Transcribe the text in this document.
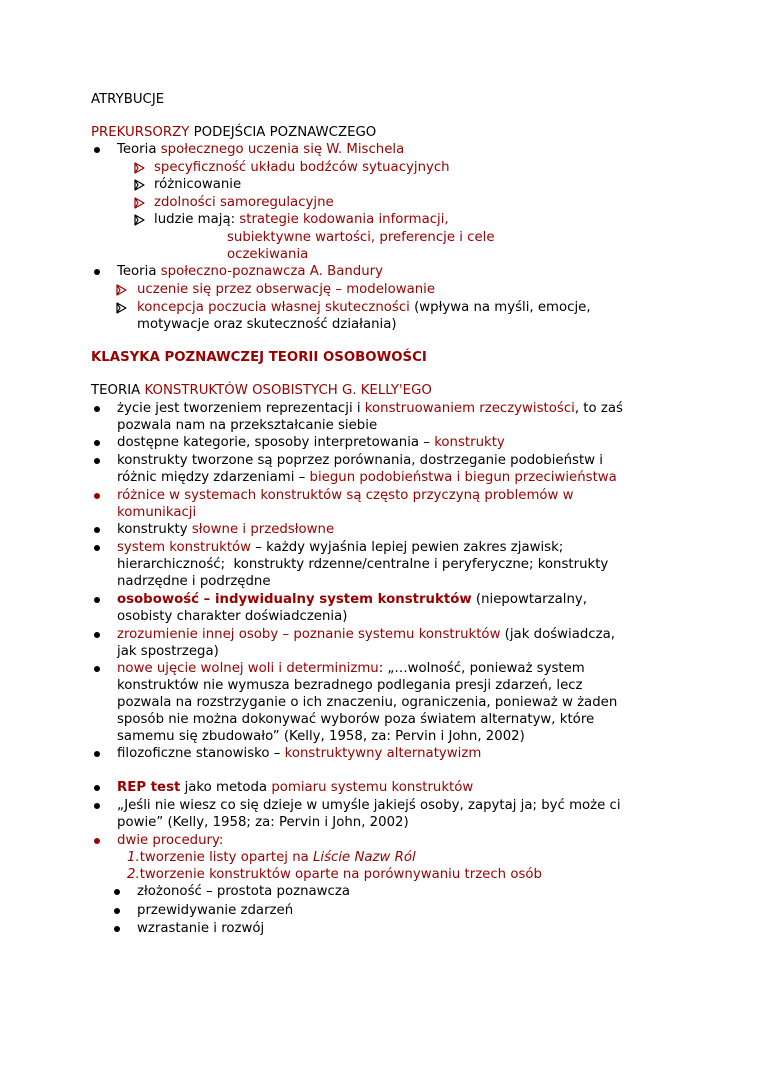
ATRYBUCJE
PREKURSORZY PODEJŚCIA POZNAWCZEGO
Teoria społecznego uczenia się W. Mischela
specyficzność układu bodźców sytuacyjnych
różnicowanie
zdolności samoregulacyjne
ludzie mają: strategie kodowania informacji,
subiektywne wartości, preferencje i cele
oczekiwania
Teoria społeczno-poznawcza A. Bandury
uczenie się przez obserwację – modelowanie
koncepcja poczucia własnej skuteczności (wpływa na myśli, emocje,
motywacje oraz skuteczność działania)
KLASYKA POZNAWCZEJ TEORII OSOBOWOŚCI
TEORIA KONSTRUKTÓW OSOBISTYCH G. KELLY'EGO
życie jest tworzeniem reprezentacji i konstruowaniem rzeczywistości, to zaś
pozwala nam na przekształcanie siebie
dostępne kategorie, sposoby interpretowania – konstrukty
konstrukty tworzone są poprzez porównania, dostrzeganie podobieństw i
różnic między zdarzeniami – biegun podobieństwa i biegun przeciwieństwa
różnice w systemach konstruktów są często przyczyną problemów w
komunikacji
konstrukty słowne i przedsłowne
system konstruktów – każdy wyjaśnia lepiej pewien zakres zjawisk;
hierarchiczność;  konstrukty rdzenne/centralne i peryferyczne; konstrukty
nadrzędne i podrzędne
osobowość – indywidualny system konstruktów (niepowtarzalny,
osobisty charakter doświadczenia)
zrozumienie innej osoby – poznanie systemu konstruktów (jak doświadcza,
jak spostrzega)
nowe ujęcie wolnej woli i determinizmu: „…wolność, ponieważ system
konstruktów nie wymusza bezradnego podlegania presji zdarzeń, lecz
pozwala na rozstrzyganie o ich znaczeniu, ograniczenia, ponieważ w żaden
sposób nie można dokonywać wyborów poza światem alternatyw, które
samemu się zbudowało” (Kelly, 1958, za: Pervin i John, 2002)
filozoficzne stanowisko – konstruktywny alternatywizm
REP test jako metoda pomiaru systemu konstruktów
„Jeśli nie wiesz co się dzieje w umyśle jakiejś osoby, zapytaj ja; być może ci
powie” (Kelly, 1958; za: Pervin i John, 2002)
dwie procedury:
1.tworzenie listy opartej na Liście Nazw Ról
2.tworzenie konstruktów oparte na porównywaniu trzech osób
złożoność – prostota poznawcza
przewidywanie zdarzeń
wzrastanie i rozwój
